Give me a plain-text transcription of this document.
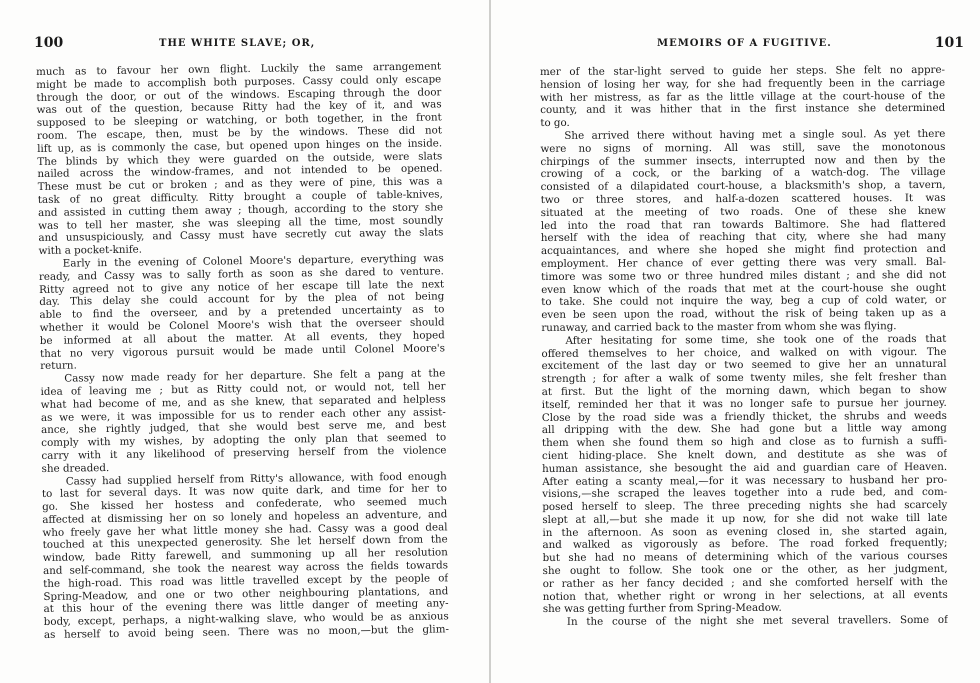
100	THE WHITE SLAVE; OR,
much as to favour her own flight. Luckily the same arrangement
might be made to accomplish both purposes. Cassy could only escape
through the door, or out of the windows. Escaping through the door
was out of the question, because Ritty had the key of it, and was
supposed to be sleeping or watching, or both together, in the front
room. The escape, then, must be by the windows. These did not
lift up, as is commonly the case, but opened upon hinges on the inside.
The blinds by which they were guarded on the outside, were slats
nailed across the window-frames, and not intended to be opened.
These must be cut or broken ; and as they were of pine, this was a
task of no great difficulty. Ritty brought a couple of table-knives,
and assisted in cutting them away ; though, according to the story she
was to tell her master, she was sleeping all the time, most soundly
and unsuspiciously, and Cassy must have secretly cut away the slats
with a pocket-knife.
Early in the evening of Colonel Moore's departure, everything was
ready, and Cassy was to sally forth as soon as she dared to venture.
Ritty agreed not to give any notice of her escape till late the next
day. This delay she could account for by the plea of not being
able to find the overseer, and by a pretended uncertainty as to
whether it would be Colonel Moore's wish that the overseer should
be informed at all about the matter. At all events, they hoped
that no very vigorous pursuit would be made until Colonel Moore's
return.
Cassy now made ready for her departure. She felt a pang at the
idea of leaving me ; but as Ritty could not, or would not, tell her
what had become of me, and as she knew, that separated and helpless
as we were, it was impossible for us to render each other any assist-
ance, she rightly judged, that she would best serve me, and best
comply with my wishes, by adopting the only plan that seemed to
carry with it any likelihood of preserving herself from the violence
she dreaded.
Cassy had supplied herself from Ritty's allowance, with food enough
to last for several days. It was now quite dark, and time for her to
go. She kissed her hostess and confederate, who seemed much
affected at dismissing her on so lonely and hopeless an adventure, and
who freely gave her what little money she had. Cassy was a good deal
touched at this unexpected generosity. She let herself down from the
window, bade Ritty farewell, and summoning up all her resolution
and self-command, she took the nearest way across the fields towards
the high-road. This road was little travelled except by the people of
Spring-Meadow, and one or two other neighbouring plantations, and
at this hour of the evening there was little danger of meeting any-
body, except, perhaps, a night-walking slave, who would be as anxious
as herself to avoid being seen. There was no moon,—but the glim-
MEMOIRS OF A FUGITIVE.	101
mer of the star-light served to guide her steps. She felt no appre-
hension of losing her way, for she had frequently been in the carriage
with her mistress, as far as the little village at the court-house of the
county, and it was hither that in the first instance she determined
to go.
She arrived there without having met a single soul. As yet there
were no signs of morning. All was still, save the monotonous
chirpings of the summer insects, interrupted now and then by the
crowing of a cock, or the barking of a watch-dog. The village
consisted of a dilapidated court-house, a blacksmith's shop, a tavern,
two or three stores, and half-a-dozen scattered houses. It was
situated at the meeting of two roads. One of these she knew
led into the road that ran towards Baltimore. She had flattered
herself with the idea of reaching that city, where she had many
acquaintances, and where she hoped she might find protection and
employment. Her chance of ever getting there was very small. Bal-
timore was some two or three hundred miles distant ; and she did not
even know which of the roads that met at the court-house she ought
to take. She could not inquire the way, beg a cup of cold water, or
even be seen upon the road, without the risk of being taken up as a
runaway, and carried back to the master from whom she was flying.
After hesitating for some time, she took one of the roads that
offered themselves to her choice, and walked on with vigour. The
excitement of the last day or two seemed to give her an unnatural
strength ; for after a walk of some twenty miles, she felt fresher than
at first. But the light of the morning dawn, which began to show
itself, reminded her that it was no longer safe to pursue her journey.
Close by the road side was a friendly thicket, the shrubs and weeds
all dripping with the dew. She had gone but a little way among
them when she found them so high and close as to furnish a suffi-
cient hiding-place. She knelt down, and destitute as she was of
human assistance, she besought the aid and guardian care of Heaven.
After eating a scanty meal,—for it was necessary to husband her pro-
visions,—she scraped the leaves together into a rude bed, and com-
posed herself to sleep. The three preceding nights she had scarcely
slept at all,—but she made it up now, for she did not wake till late
in the afternoon. As soon as evening closed in, she started again,
and walked as vigorously as before. The road forked frequently;
but she had no means of determining which of the various courses
she ought to follow. She took one or the other, as her judgment,
or rather as her fancy decided ; and she comforted herself with the
notion that, whether right or wrong in her selections, at all events
she was getting further from Spring-Meadow.
In the course of the night she met several travellers. Some of
